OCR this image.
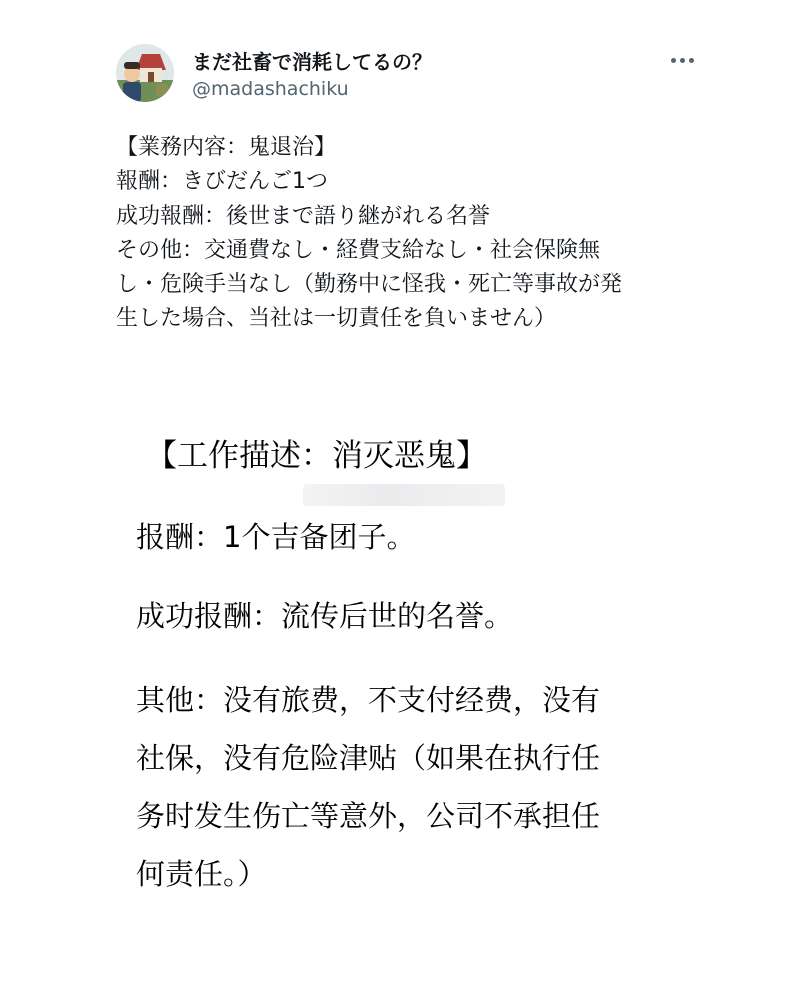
まだ社畜で消耗してるの？
@madashachiku
【業務内容：鬼退治】
報酬：きびだんご1つ
成功報酬：後世まで語り継がれる名誉
その他：交通費なし・経費支給なし・社会保険無
し・危険手当なし（勤務中に怪我・死亡等事故が発
生した場合、当社は一切責任を負いません）
【工作描述：消灭恶鬼】
报酬：1个吉备团子。
成功报酬：流传后世的名誉。
其他：没有旅费，不支付经费，没有
社保，没有危险津贴（如果在执行任
务时发生伤亡等意外，公司不承担任
何责任。）
